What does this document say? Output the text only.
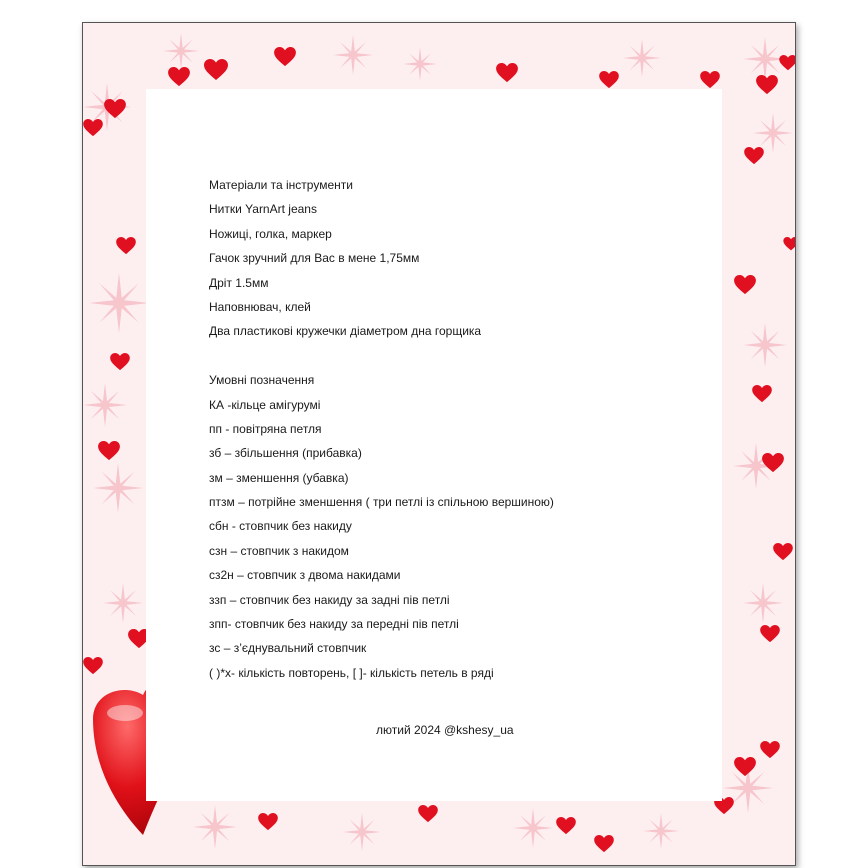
Матеріали та інструменти
Нитки YarnArt jeans
Ножиці, голка, маркер
Гачок зручний для Вас в мене 1,75мм
Дріт 1.5мм
Наповнювач, клей
Два пластикові кружечки діаметром дна горщика
Умовні позначення
КА -кільце амігурумі
пп - повітряна петля
зб – збільшення (прибавка)
зм – зменшення (убавка)
птзм – потрійне зменшення ( три петлі із спільною вершиною)
сбн - стовпчик без накиду
сзн – стовпчик з накидом
сз2н – стовпчик з двома накидами
ззп – стовпчик без накиду за задні пів петлі
зпп- стовпчик без накиду за передні пів петлі
зс – з’єднувальний стовпчик
( )*х- кількість повторень, [ ]- кількість петель в ряді
лютий 2024 @kshesy_ua
